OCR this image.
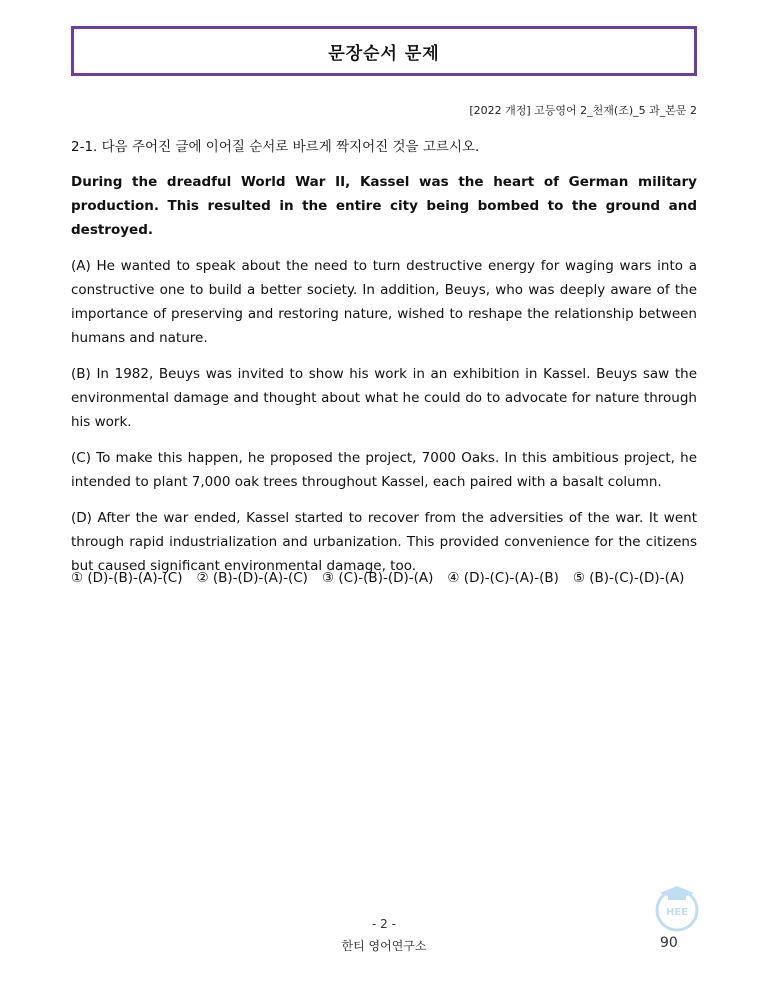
문장순서 문제
[2022 개정] 고등영어 2_천재(조)_5 과_본문 2
2-1. 다음 주어진 글에 이어질 순서로 바르게 짝지어진 것을 고르시오.

During the dreadful World War II, Kassel was the heart of German military production. This resulted in the entire city being bombed to the ground and destroyed.

(A) He wanted to speak about the need to turn destructive energy for waging wars into a constructive one to build a better society. In addition, Beuys, who was deeply aware of the importance of preserving and restoring nature, wished to reshape the relationship between humans and nature.

(B) In 1982, Beuys was invited to show his work in an exhibition in Kassel. Beuys saw the environmental damage and thought about what he could do to advocate for nature through his work.

(C) To make this happen, he proposed the project, 7000 Oaks. In this ambitious project, he intended to plant 7,000 oak trees throughout Kassel, each paired with a basalt column.

(D) After the war ended, Kassel started to recover from the adversities of the war. It went through rapid industrialization and urbanization. This provided convenience for the citizens but caused significant environmental damage, too.

① (D)-(B)-(A)-(C) ② (B)-(D)-(A)-(C) ③ (C)-(B)-(D)-(A) ④ (D)-(C)-(A)-(B) ⑤ (B)-(C)-(D)-(A)
HEE
- 2 -
한티 영어연구소	90
